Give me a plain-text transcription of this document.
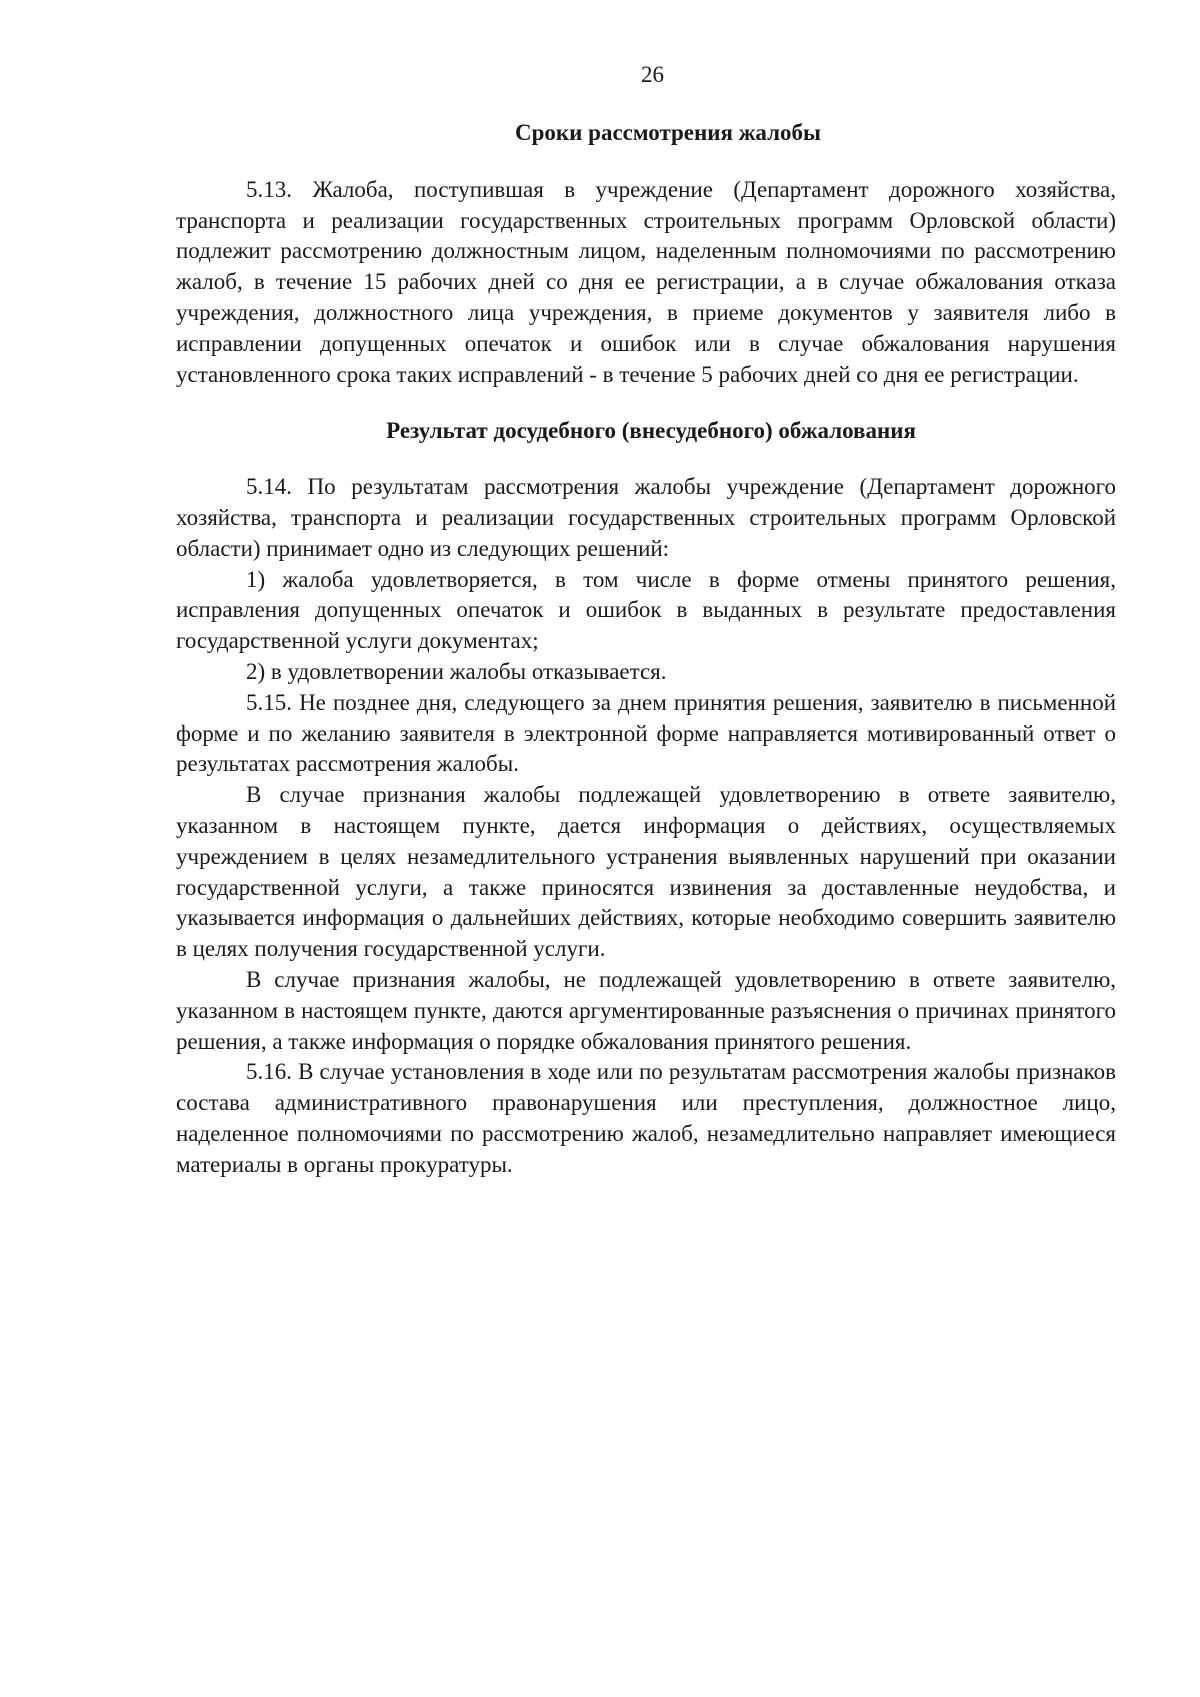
26
Сроки рассмотрения жалобы

5.13. Жалоба, поступившая в учреждение (Департамент дорожного хозяйства, транспорта и реализации государственных строительных программ Орловской области) подлежит рассмотрению должностным лицом, наделенным полномочиями по рассмотрению жалоб, в течение 15 рабочих дней со дня ее регистрации, а в случае обжалования отказа учреждения, должностного лица учреждения, в приеме документов у заявителя либо в исправлении допущенных опечаток и ошибок или в случае обжалования нарушения установленного срока таких исправлений - в течение 5 рабочих дней со дня ее регистрации.

Результат досудебного (внесудебного) обжалования

5.14. По результатам рассмотрения жалобы учреждение (Департамент дорожного хозяйства, транспорта и реализации государственных строительных программ Орловской области) принимает одно из следующих решений:

1) жалоба удовлетворяется, в том числе в форме отмены принятого решения, исправления допущенных опечаток и ошибок в выданных в результате предоставления государственной услуги документах;

2) в удовлетворении жалобы отказывается.

5.15. Не позднее дня, следующего за днем принятия решения, заявителю в письменной форме и по желанию заявителя в электронной форме направляется мотивированный ответ о результатах рассмотрения жалобы.

В случае признания жалобы подлежащей удовлетворению в ответе заявителю, указанном в настоящем пункте, дается информация о действиях, осуществляемых учреждением в целях незамедлительного устранения выявленных нарушений при оказании государственной услуги, а также приносятся извинения за доставленные неудобства, и указывается информация о дальнейших действиях, которые необходимо совершить заявителю в целях получения государственной услуги.

В случае признания жалобы, не подлежащей удовлетворению в ответе заявителю, указанном в настоящем пункте, даются аргументированные разъяснения о причинах принятого решения, а также информация о порядке обжалования принятого решения.

5.16. В случае установления в ходе или по результатам рассмотрения жалобы признаков состава административного правонарушения или преступления, должностное лицо, наделенное полномочиями по рассмотрению жалоб, незамедлительно направляет имеющиеся материалы в органы прокуратуры.
